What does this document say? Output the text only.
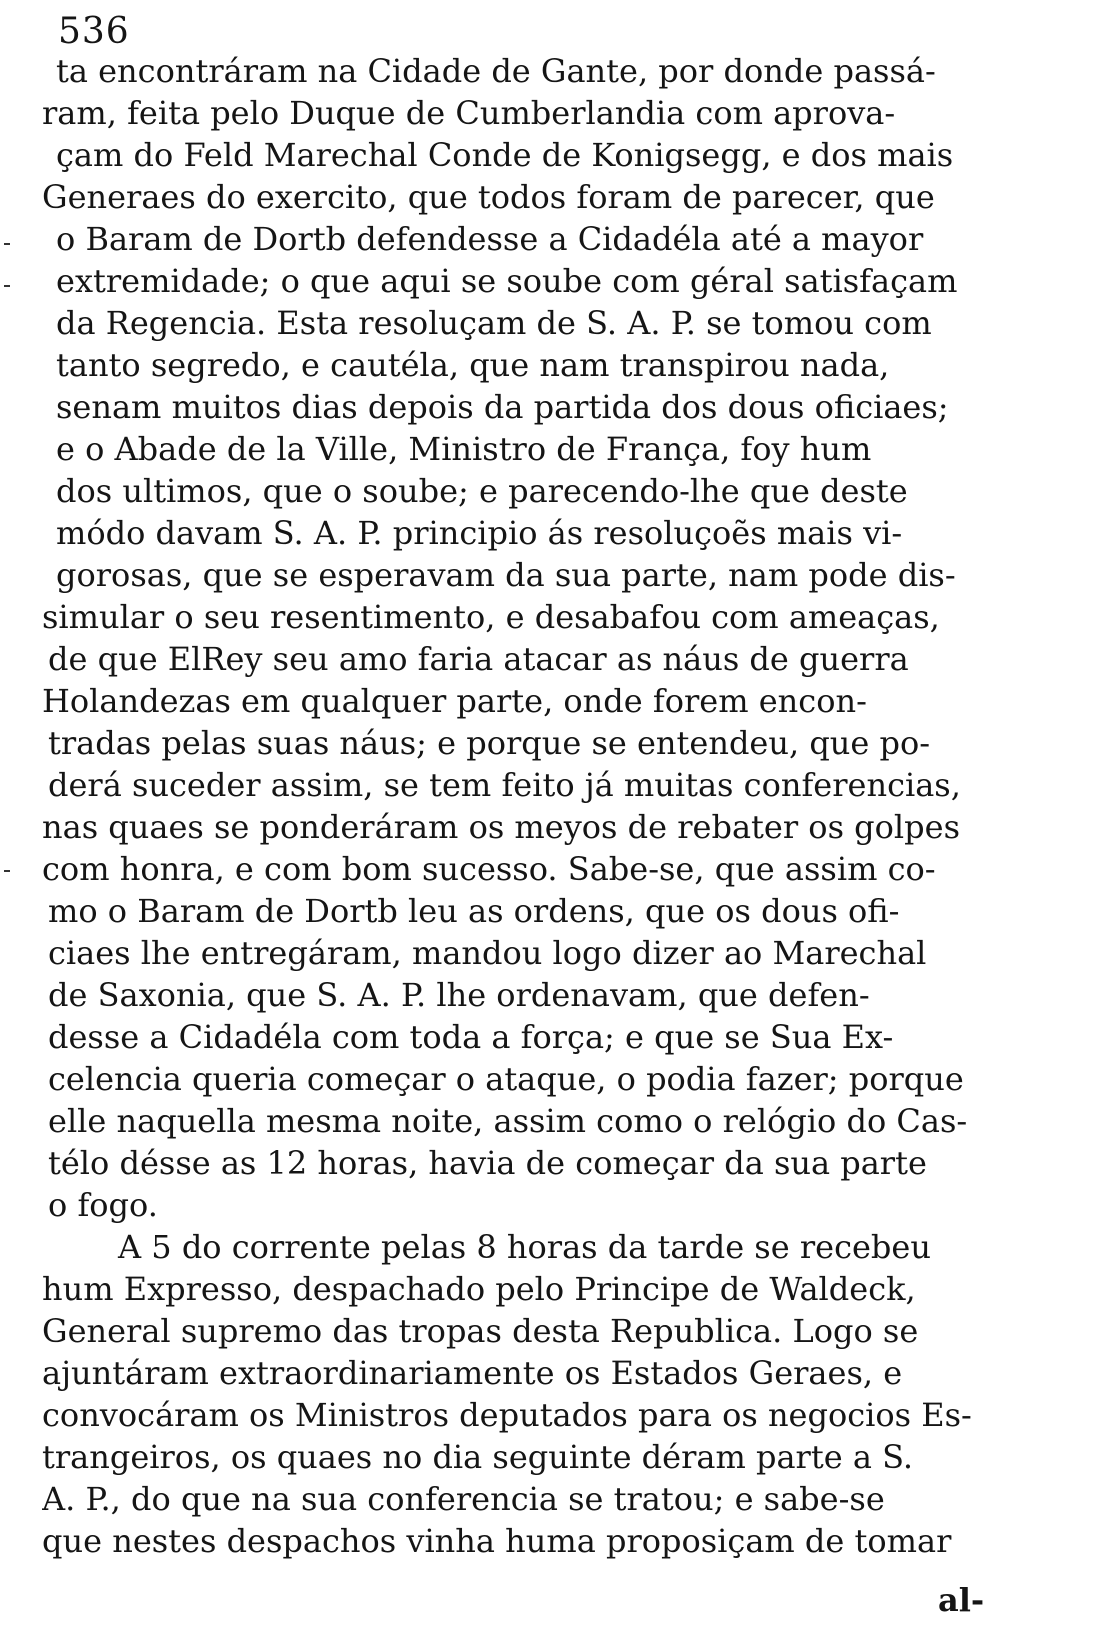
536
ta encontráram na Cidade de Gante, por donde passá-
ram, feita pelo Duque de Cumberlandia com aprova-
çam do Feld Marechal Conde de Konigsegg, e dos mais
Generaes do exercito, que todos foram de parecer, que
o Baram de Dortb defendesse a Cidadéla até a mayor
extremidade; o que aqui se soube com géral satisfaçam
da Regencia. Esta resoluçam de S. A. P. se tomou com
tanto segredo, e cautéla, que nam transpirou nada,
senam muitos dias depois da partida dos dous oficiaes;
e o Abade de la Ville, Ministro de França, foy hum
dos ultimos, que o soube; e parecendo-lhe que deste
módo davam S. A. P. principio ás resoluçoẽs mais vi-
gorosas, que se esperavam da sua parte, nam pode dis-
simular o seu resentimento, e desabafou com ameaças,
de que ElRey seu amo faria atacar as náus de guerra
Holandezas em qualquer parte, onde forem encon-
tradas pelas suas náus; e porque se entendeu, que po-
derá suceder assim, se tem feito já muitas conferencias,
nas quaes se ponderáram os meyos de rebater os golpes
com honra, e com bom sucesso. Sabe-se, que assim co-
mo o Baram de Dortb leu as ordens, que os dous ofi-
ciaes lhe entregáram, mandou logo dizer ao Marechal
de Saxonia, que S. A. P. lhe ordenavam, que defen-
desse a Cidadéla com toda a força; e que se Sua Ex-
celencia queria começar o ataque, o podia fazer; porque
elle naquella mesma noite, assim como o relógio do Cas-
télo désse as 12 horas, havia de começar da sua parte
o fogo.
A 5 do corrente pelas 8 horas da tarde se recebeu
hum Expresso, despachado pelo Principe de Waldeck,
General supremo das tropas desta Republica. Logo se
ajuntáram extraordinariamente os Estados Geraes, e
convocáram os Ministros deputados para os negocios Es-
trangeiros, os quaes no dia seguinte déram parte a S.
A. P., do que na sua conferencia se tratou; e sabe-se
que nestes despachos vinha huma proposiçam de tomar
al-
